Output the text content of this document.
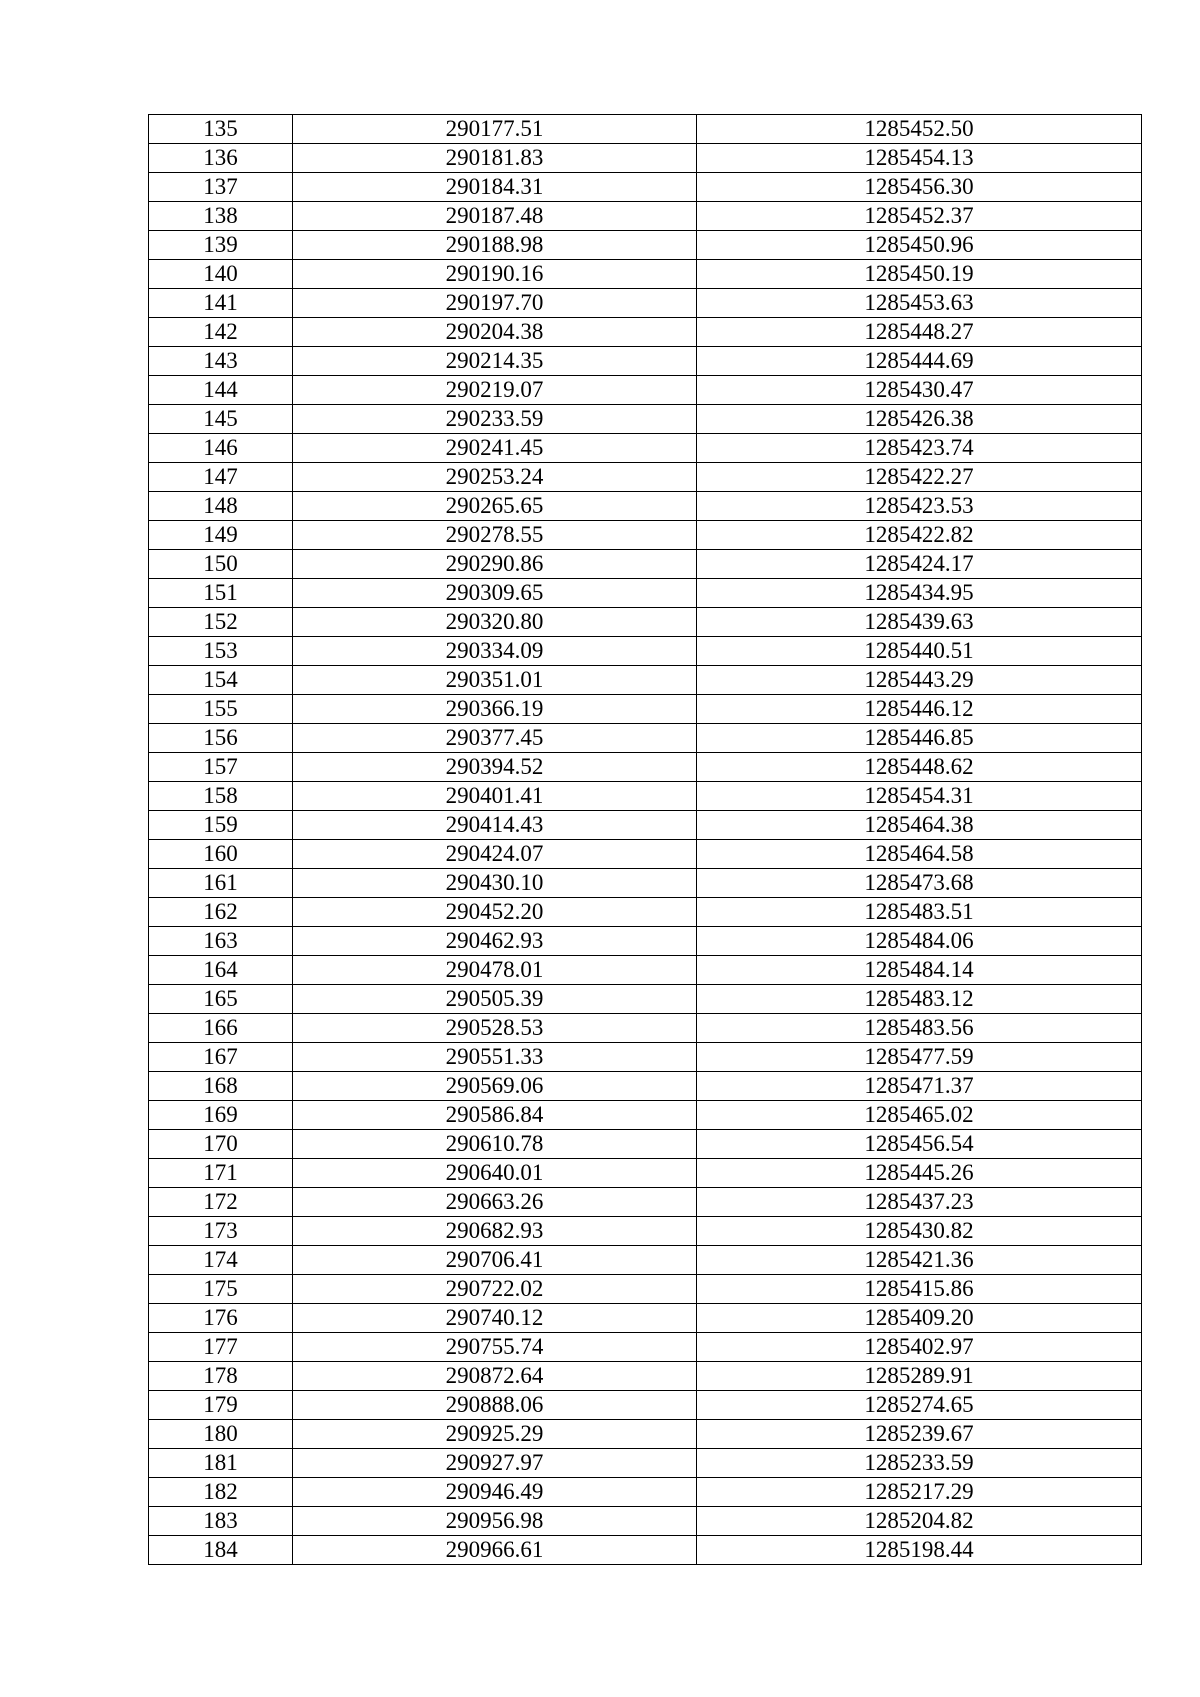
135	290177.51	1285452.50
136	290181.83	1285454.13
137	290184.31	1285456.30
138	290187.48	1285452.37
139	290188.98	1285450.96
140	290190.16	1285450.19
141	290197.70	1285453.63
142	290204.38	1285448.27
143	290214.35	1285444.69
144	290219.07	1285430.47
145	290233.59	1285426.38
146	290241.45	1285423.74
147	290253.24	1285422.27
148	290265.65	1285423.53
149	290278.55	1285422.82
150	290290.86	1285424.17
151	290309.65	1285434.95
152	290320.80	1285439.63
153	290334.09	1285440.51
154	290351.01	1285443.29
155	290366.19	1285446.12
156	290377.45	1285446.85
157	290394.52	1285448.62
158	290401.41	1285454.31
159	290414.43	1285464.38
160	290424.07	1285464.58
161	290430.10	1285473.68
162	290452.20	1285483.51
163	290462.93	1285484.06
164	290478.01	1285484.14
165	290505.39	1285483.12
166	290528.53	1285483.56
167	290551.33	1285477.59
168	290569.06	1285471.37
169	290586.84	1285465.02
170	290610.78	1285456.54
171	290640.01	1285445.26
172	290663.26	1285437.23
173	290682.93	1285430.82
174	290706.41	1285421.36
175	290722.02	1285415.86
176	290740.12	1285409.20
177	290755.74	1285402.97
178	290872.64	1285289.91
179	290888.06	1285274.65
180	290925.29	1285239.67
181	290927.97	1285233.59
182	290946.49	1285217.29
183	290956.98	1285204.82
184	290966.61	1285198.44
